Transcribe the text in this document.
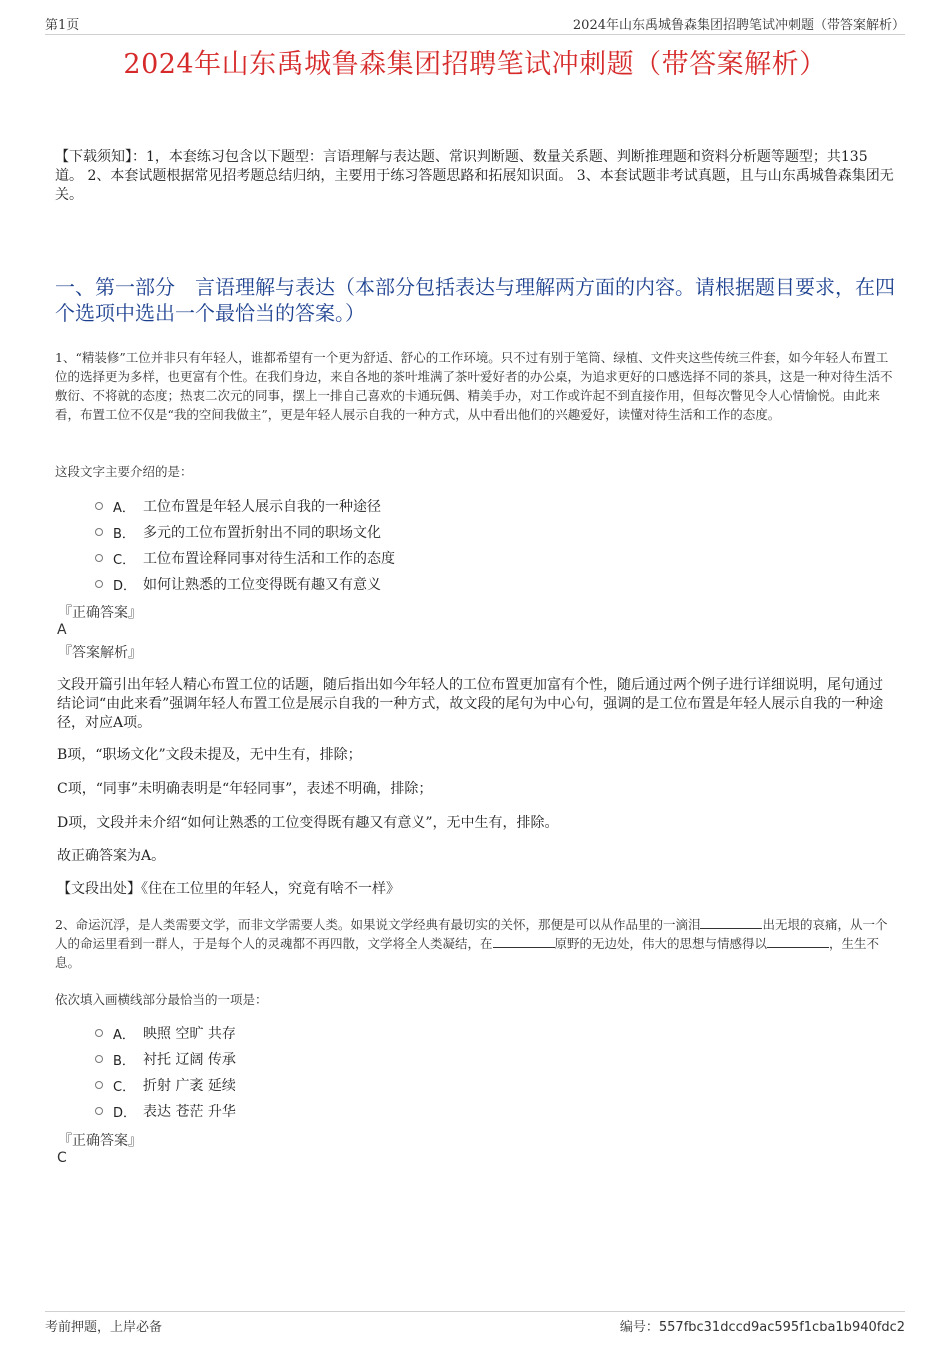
第1页	2024年山东禹城鲁森集团招聘笔试冲刺题（带答案解析）
2024年山东禹城鲁森集团招聘笔试冲刺题（带答案解析）
【下载须知】：1，本套练习包含以下题型：言语理解与表达题、常识判断题、数量关系题、判断推理题和资料分析题等题型；共135道。 2、本套试题根据常见招考题总结归纳，主要用于练习答题思路和拓展知识面。 3、本套试题非考试真题，且与山东禹城鲁森集团无关。
一、第一部分　言语理解与表达（本部分包括表达与理解两方面的内容。请根据题目要求，在四个选项中选出一个最恰当的答案。）
1、“精装修”工位并非只有年轻人，谁都希望有一个更为舒适、舒心的工作环境。只不过有别于笔筒、绿植、文件夹这些传统三件套，如今年轻人布置工位的选择更为多样，也更富有个性。在我们身边，来自各地的茶叶堆满了茶叶爱好者的办公桌，为追求更好的口感选择不同的茶具，这是一种对待生活不敷衍、不将就的态度；热衷二次元的同事，摆上一排自己喜欢的卡通玩偶、精美手办，对工作或许起不到直接作用，但每次瞥见令人心情愉悦。由此来看，布置工位不仅是“我的空间我做主”，更是年轻人展示自我的一种方式，从中看出他们的兴趣爱好，读懂对待生活和工作的态度。
这段文字主要介绍的是：
A． 工位布置是年轻人展示自我的一种途径
B． 多元的工位布置折射出不同的职场文化
C． 工位布置诠释同事对待生活和工作的态度
D． 如何让熟悉的工位变得既有趣又有意义
『正确答案』
A
『答案解析』
文段开篇引出年轻人精心布置工位的话题，随后指出如今年轻人的工位布置更加富有个性，随后通过两个例子进行详细说明，尾句通过结论词“由此来看”强调年轻人布置工位是展示自我的一种方式，故文段的尾句为中心句，强调的是工位布置是年轻人展示自我的一种途径，对应A项。
B项，“职场文化”文段未提及，无中生有，排除；
C项，“同事”未明确表明是“年轻同事”，表述不明确，排除；
D项，文段并未介绍“如何让熟悉的工位变得既有趣又有意义”，无中生有，排除。
故正确答案为A。
【文段出处】《住在工位里的年轻人，究竟有啥不一样》
2、命运沉浮，是人类需要文学，而非文学需要人类。如果说文学经典有最切实的关怀，那便是可以从作品里的一滴泪	出无垠的哀痛，从一个人的命运里看到一群人，于是每个人的灵魂都不再四散，文学将全人类凝结，在	原野的无边处，伟大的思想与情感得以	，生生不息。
依次填入画横线部分最恰当的一项是：
A． 映照 空旷 共存
B． 衬托 辽阔 传承
C． 折射 广袤 延续
D． 表达 苍茫 升华
『正确答案』
C
考前押题，上岸必备	编号：557fbc31dccd9ac595f1cba1b940fdc2
